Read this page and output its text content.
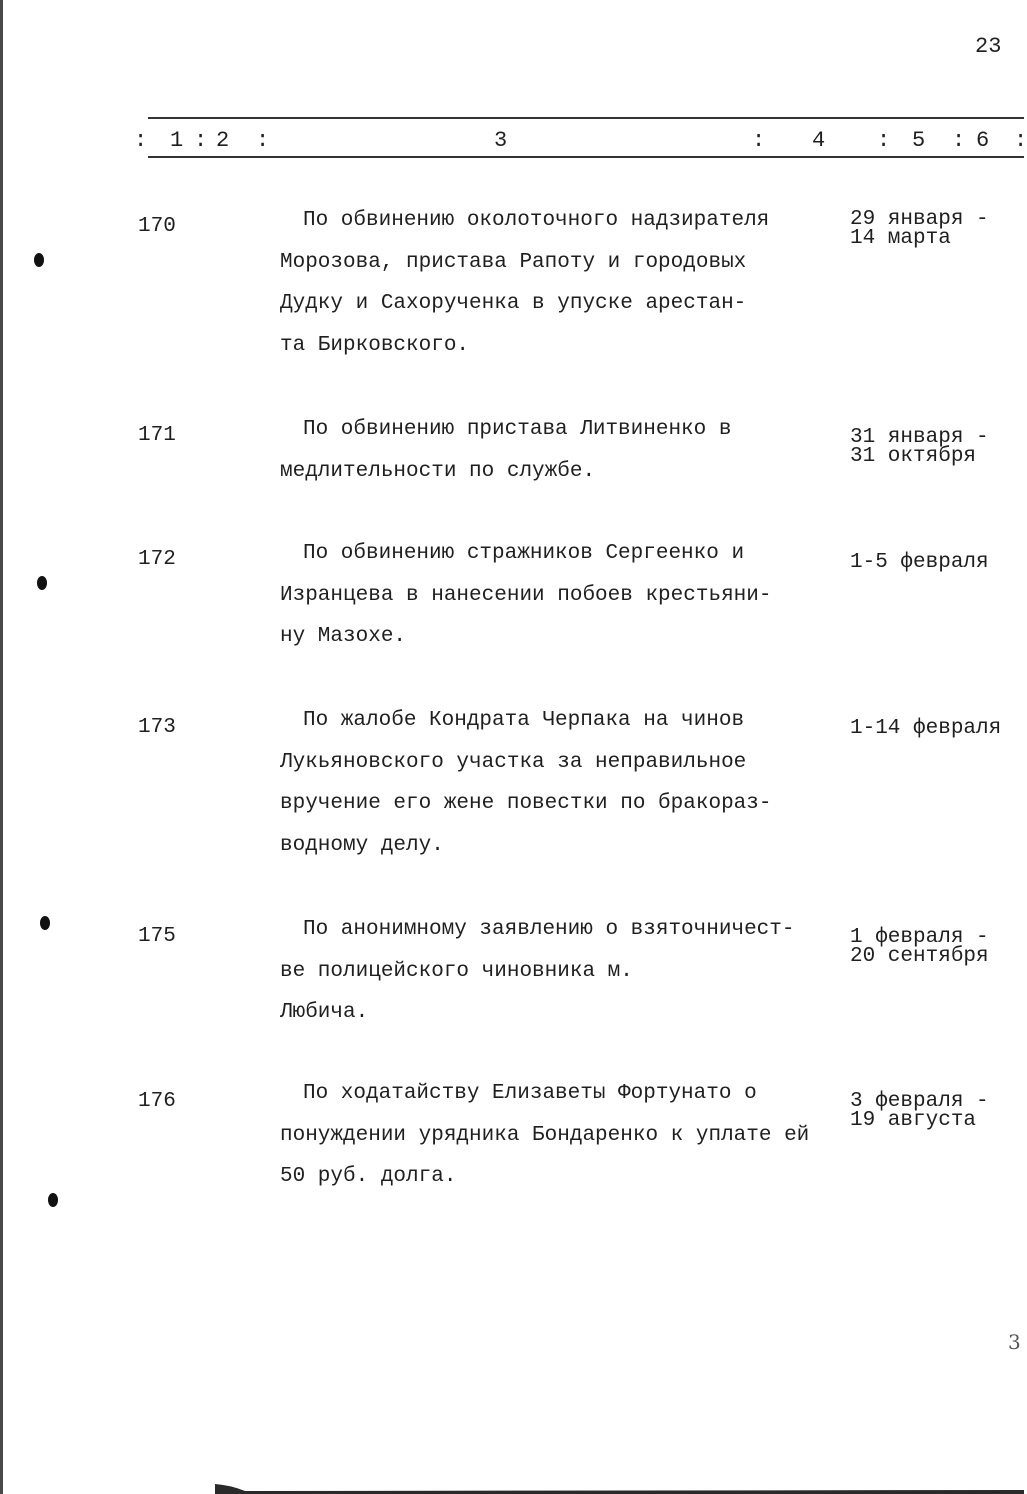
23
: 1 : 2 :	3	: 4 : 5 : 6 :
170	По обвинению околоточного надзирателя
Морозова, пристава Рапоту и городовых
Дудку и Сахорученка в упуске арестан-
та Бирковского.
29 января -
14 марта
171	По обвинению пристава Литвиненко в
медлительности по службе.
31 января -
31 октября
172	По обвинению стражников Сергеенко и
Изранцева в нанесении побоев крестьяни-
ну Мазохе.
1-5 февраля
173	По жалобе Кондрата Черпака на чинов
Лукьяновского участка за неправильное
вручение его жене повестки по бракораз-
водному делу.
1-14 февраля
175	По анонимному заявлению о взяточничест-
ве полицейского чиновника м.
Любича.
1 февраля -
20 сентября
176	По ходатайству Елизаветы Фортунато о
понуждении урядника Бондаренко к уплате ей
50 руб. долга.
3 февраля -
19 августа
3
